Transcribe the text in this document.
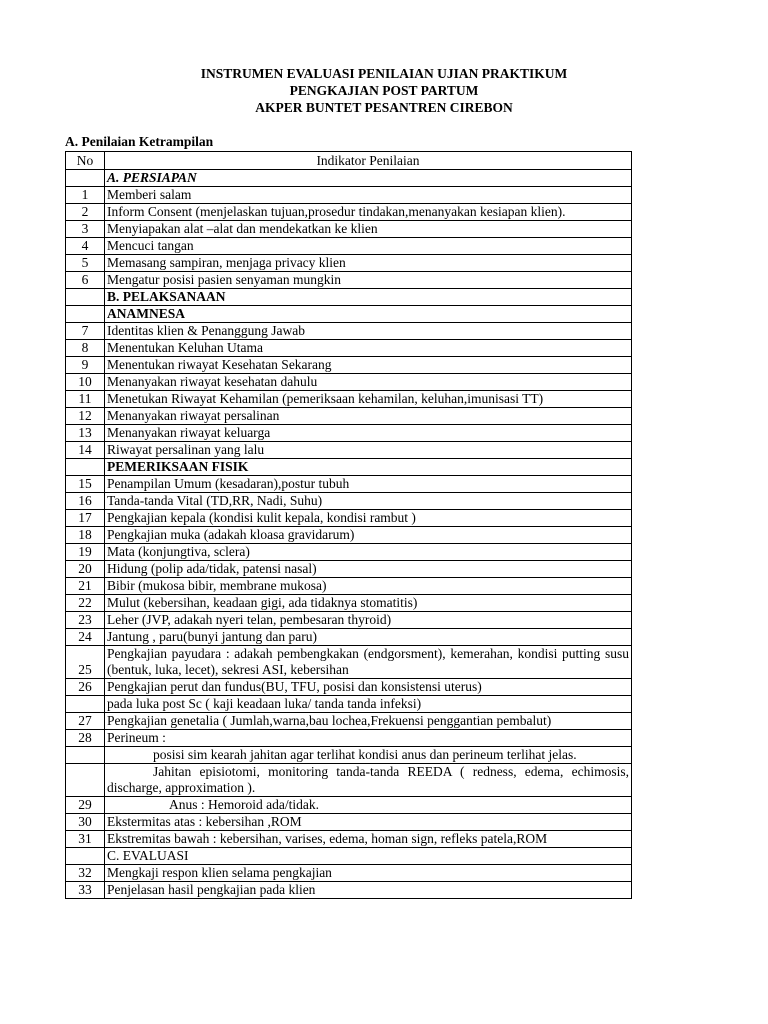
INSTRUMEN EVALUASI PENILAIAN UJIAN PRAKTIKUM
PENGKAJIAN POST PARTUM
AKPER BUNTET PESANTREN CIREBON
A. Penilaian Ketrampilan
No	Indikator Penilaian
	A. PERSIAPAN
1	Memberi salam
2	Inform Consent (menjelaskan tujuan,prosedur tindakan,menanyakan kesiapan klien).
3	Menyiapakan alat –alat dan mendekatkan ke klien
4	Mencuci tangan
5	Memasang sampiran, menjaga privacy klien
6	Mengatur posisi pasien senyaman mungkin
	B. PELAKSANAAN
	ANAMNESA
7	Identitas klien & Penanggung Jawab
8	Menentukan Keluhan Utama
9	Menentukan riwayat Kesehatan Sekarang
10	Menanyakan riwayat kesehatan dahulu
11	Menetukan Riwayat Kehamilan (pemeriksaan kehamilan, keluhan,imunisasi TT)
12	Menanyakan riwayat persalinan
13	Menanyakan riwayat keluarga
14	Riwayat persalinan yang lalu
	PEMERIKSAAN FISIK
15	Penampilan Umum (kesadaran),postur tubuh
16	Tanda-tanda Vital (TD,RR, Nadi, Suhu)
17	Pengkajian kepala (kondisi kulit kepala, kondisi rambut )
18	Pengkajian muka (adakah kloasa gravidarum)
19	Mata (konjungtiva, sclera)
20	Hidung (polip ada/tidak, patensi nasal)
21	Bibir (mukosa bibir, membrane mukosa)
22	Mulut (kebersihan, keadaan gigi, ada tidaknya stomatitis)
23	Leher (JVP, adakah nyeri telan, pembesaran thyroid)
24	Jantung , paru(bunyi jantung dan paru)
25	Pengkajian payudara : adakah pembengkakan (endgorsment), kemerahan, kondisi putting susu (bentuk, luka, lecet), sekresi ASI, kebersihan
26	Pengkajian perut dan fundus(BU, TFU, posisi dan konsistensi uterus)
	pada luka post Sc ( kaji keadaan luka/ tanda tanda infeksi)
27	Pengkajian genetalia ( Jumlah,warna,bau lochea,Frekuensi penggantian pembalut)
28	Perineum :
	posisi sim kearah jahitan agar terlihat kondisi anus dan perineum terlihat jelas.
	Jahitan episiotomi, monitoring tanda-tanda REEDA ( redness, edema, echimosis, discharge, approximation ).
29	Anus : Hemoroid ada/tidak.
30	Ekstermitas atas : kebersihan ,ROM
31	Ekstremitas bawah : kebersihan, varises, edema, homan sign, refleks patela,ROM
	C. EVALUASI
32	Mengkaji respon klien selama pengkajian
33	Penjelasan hasil pengkajian pada klien
